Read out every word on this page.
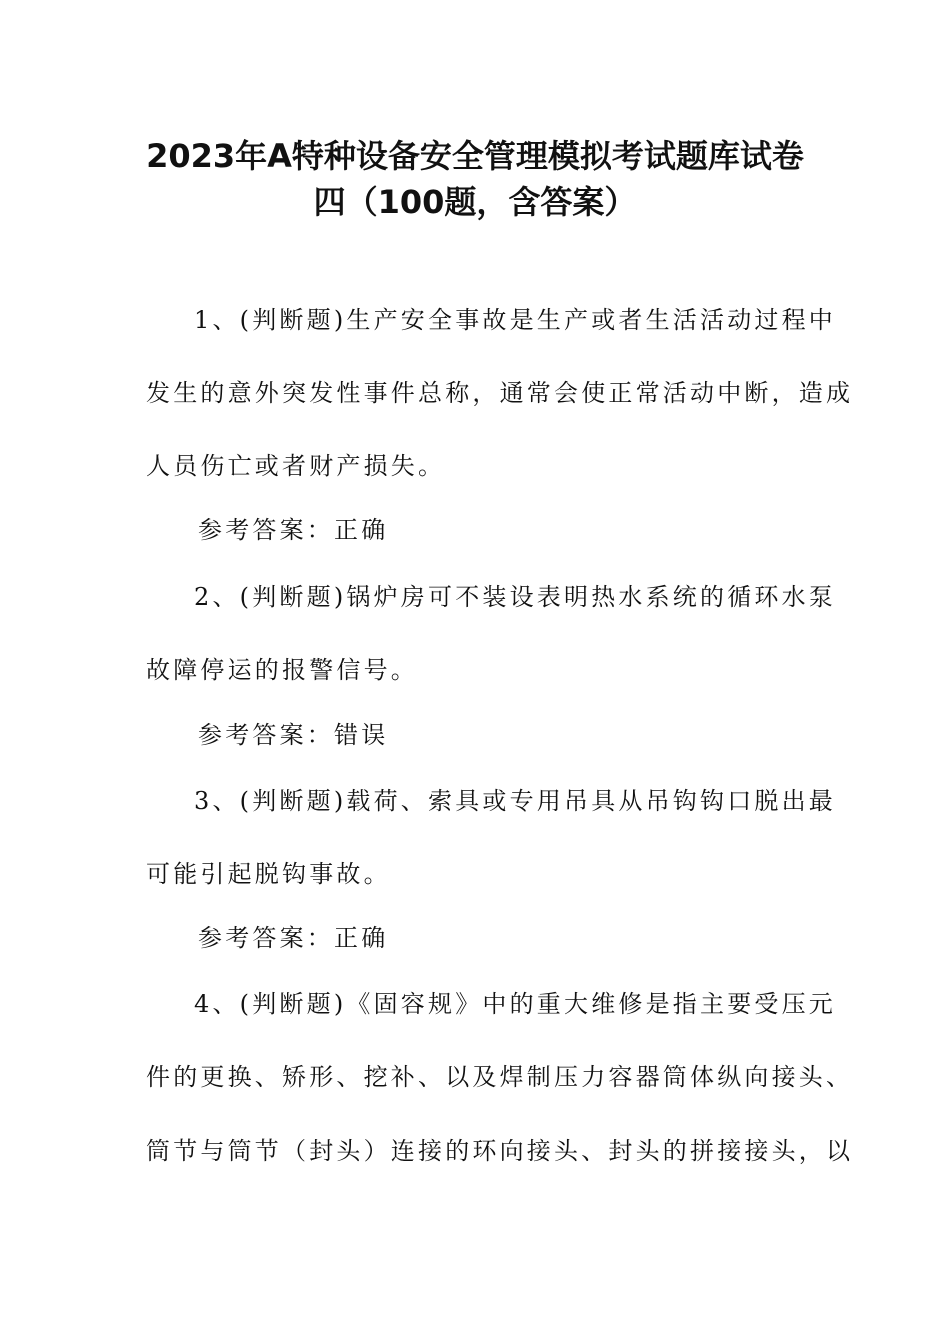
2023年A特种设备安全管理模拟考试题库试卷
四（100题，含答案）

1、(判断题)生产安全事故是生产或者生活活动过程中

发生的意外突发性事件总称，通常会使正常活动中断，造成

人员伤亡或者财产损失。

参考答案：正确

2、(判断题)锅炉房可不装设表明热水系统的循环水泵

故障停运的报警信号。

参考答案：错误

3、(判断题)载荷、索具或专用吊具从吊钩钩口脱出最

可能引起脱钩事故。

参考答案：正确

4、(判断题)《固容规》中的重大维修是指主要受压元

件的更换、矫形、挖补、以及焊制压力容器筒体纵向接头、

筒节与筒节（封头）连接的环向接头、封头的拼接接头，以
